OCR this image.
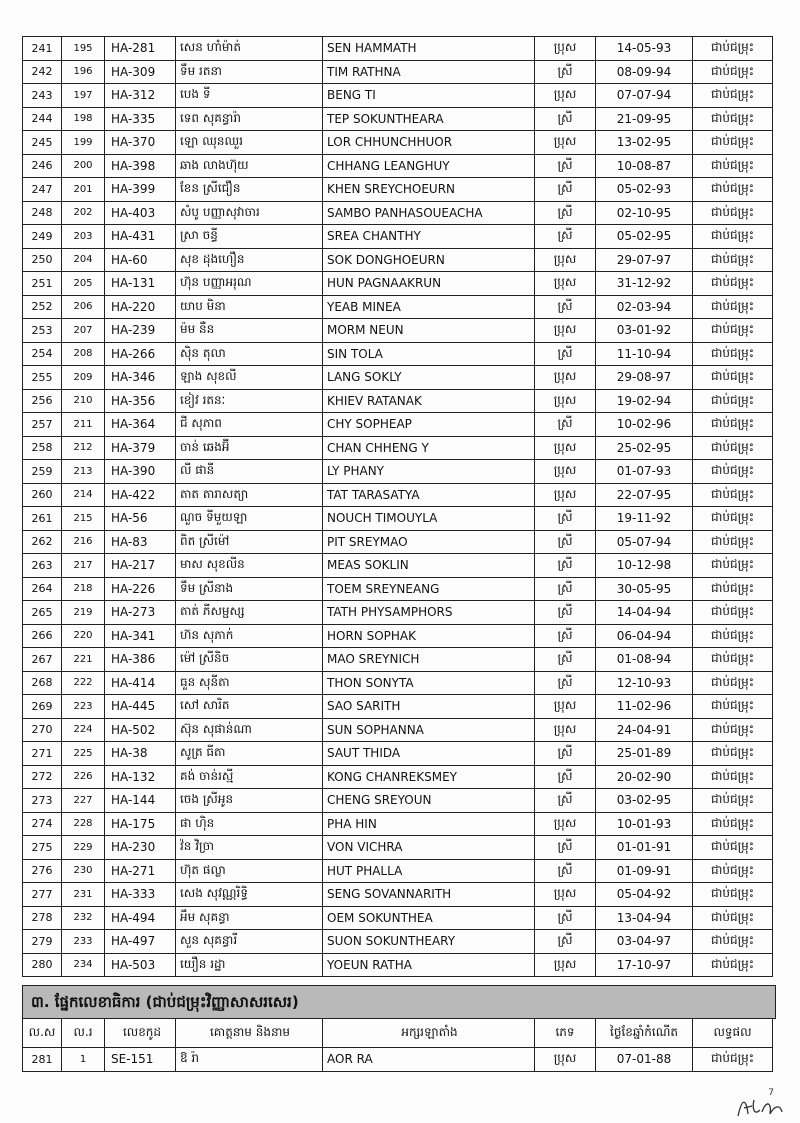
241	195	HA-281	សេន ហាំម៉ាត់	SEN HAMMATH	ប្រុស	14-05-93	ជាប់ជម្រុះ
242	196	HA-309	ទឹម រតនា	TIM RATHNA	ស្រី	08-09-94	ជាប់ជម្រុះ
243	197	HA-312	បេង ទី	BENG TI	ប្រុស	07-07-94	ជាប់ជម្រុះ
244	198	HA-335	ទេព សុគន្ធារ៉ា	TEP SOKUNTHEARA	ស្រី	21-09-95	ជាប់ជម្រុះ
245	199	HA-370	ឡោ ឈុនឈួរ	LOR CHHUNCHHUOR	ប្រុស	13-02-95	ជាប់ជម្រុះ
246	200	HA-398	ឆាង លាងហ៊ុយ	CHHANG LEANGHUY	ស្រី	10-08-87	ជាប់ជម្រុះ
247	201	HA-399	ខែន ស្រីជឿន	KHEN SREYCHOEURN	ស្រី	05-02-93	ជាប់ជម្រុះ
248	202	HA-403	សំបូ បញ្ញាសុវាចារ	SAMBO PANHASOUEACHA	ស្រី	02-10-95	ជាប់ជម្រុះ
249	203	HA-431	ស្រា ចន្ធី	SREA CHANTHY	ស្រី	05-02-95	ជាប់ជម្រុះ
250	204	HA-60	សុខ ដុងហឿន	SOK DONGHOEURN	ប្រុស	29-07-97	ជាប់ជម្រុះ
251	205	HA-131	ហ៊ុន បញ្ញាអរុណ	HUN PAGNAAKRUN	ប្រុស	31-12-92	ជាប់ជម្រុះ
252	206	HA-220	យាប មិនា	YEAB MINEA	ស្រី	02-03-94	ជាប់ជម្រុះ
253	207	HA-239	ម៉ម នឺន	MORM NEUN	ប្រុស	03-01-92	ជាប់ជម្រុះ
254	208	HA-266	ស៊ិន តុលា	SIN TOLA	ស្រី	11-10-94	ជាប់ជម្រុះ
255	209	HA-346	ឡាង សុខលី	LANG SOKLY	ប្រុស	29-08-97	ជាប់ជម្រុះ
256	210	HA-356	ខៀវ រតនៈ	KHIEV RATANAK	ប្រុស	19-02-94	ជាប់ជម្រុះ
257	211	HA-364	ជី សុភាព	CHY SOPHEAP	ស្រី	10-02-96	ជាប់ជម្រុះ
258	212	HA-379	ចាន់ ឆេងអ៊ី	CHAN CHHENG Y	ប្រុស	25-02-95	ជាប់ជម្រុះ
259	213	HA-390	លី ផានី	LY PHANY	ប្រុស	01-07-93	ជាប់ជម្រុះ
260	214	HA-422	តាត តារាសត្យា	TAT TARASATYA	ប្រុស	22-07-95	ជាប់ជម្រុះ
261	215	HA-56	ណួច ទីមួយឡា	NOUCH TIMOUYLA	ស្រី	19-11-92	ជាប់ជម្រុះ
262	216	HA-83	ពិត ស្រីម៉ៅ	PIT SREYMAO	ស្រី	05-07-94	ជាប់ជម្រុះ
263	217	HA-217	មាស សុខលីន	MEAS SOKLIN	ស្រី	10-12-98	ជាប់ជម្រុះ
264	218	HA-226	ទឹម ស្រីនាង	TOEM SREYNEANG	ស្រី	30-05-95	ជាប់ជម្រុះ
265	219	HA-273	តាត់ ភីសម្ផស្ស	TATH PHYSAMPHORS	ស្រី	14-04-94	ជាប់ជម្រុះ
266	220	HA-341	ហ៊ន សុភាក់	HORN SOPHAK	ស្រី	06-04-94	ជាប់ជម្រុះ
267	221	HA-386	ម៉ៅ ស្រីនិច	MAO SREYNICH	ស្រី	01-08-94	ជាប់ជម្រុះ
268	222	HA-414	ធួន សុនីតា	THON SONYTA	ស្រី	12-10-93	ជាប់ជម្រុះ
269	223	HA-445	សៅ សារិត	SAO SARITH	ប្រុស	11-02-96	ជាប់ជម្រុះ
270	224	HA-502	ស៊ុន សុផាន់ណា	SUN SOPHANNA	ប្រុស	24-04-91	ជាប់ជម្រុះ
271	225	HA-38	សូត្រ ធីតា	SAUT THIDA	ស្រី	25-01-89	ជាប់ជម្រុះ
272	226	HA-132	គង់ ចាន់រស្មី	KONG CHANREKSMEY	ស្រី	20-02-90	ជាប់ជម្រុះ
273	227	HA-144	ចេង ស្រីអូន	CHENG SREYOUN	ស្រី	03-02-95	ជាប់ជម្រុះ
274	228	HA-175	ផា ហ៊ិន	PHA HIN	ប្រុស	10-01-93	ជាប់ជម្រុះ
275	229	HA-230	វ៉ន វិច្រា	VON VICHRA	ស្រី	01-01-91	ជាប់ជម្រុះ
276	230	HA-271	ហ៊ុត ផល្លា	HUT PHALLA	ស្រី	01-09-91	ជាប់ជម្រុះ
277	231	HA-333	សេង សុវណ្ណរិទ្ធិ	SENG SOVANNARITH	ប្រុស	05-04-92	ជាប់ជម្រុះ
278	232	HA-494	អឹម សុគន្ធា	OEM SOKUNTHEA	ស្រី	13-04-94	ជាប់ជម្រុះ
279	233	HA-497	សួន សុគន្ធារី	SUON SOKUNTHEARY	ស្រី	03-04-97	ជាប់ជម្រុះ
280	234	HA-503	យឿន រដ្ឋា	YOEUN RATHA	ប្រុស	17-10-97	ជាប់ជម្រុះ
៣. ផ្នែកលេខាធិការ (ជាប់ជម្រុះវិញ្ញាសាសរសេរ)
ល.ស	ល.រ	លេខកូដ	គោត្តនាម និងនាម	អក្សរឡាតាំង	ភេទ	ថ្ងៃខែឆ្នាំកំណើត	លទ្ធផល
281	1	SE-151	ឱ រ៉ា	AOR RA	ប្រុស	07-01-88	ជាប់ជម្រុះ
7
